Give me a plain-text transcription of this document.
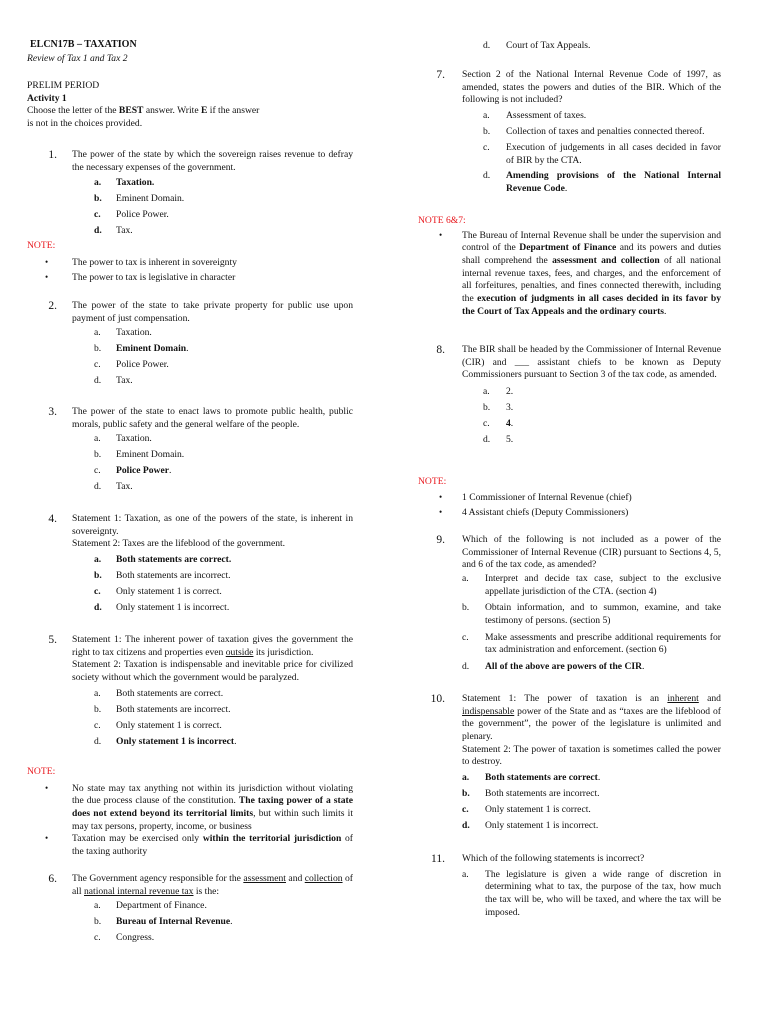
ELCN17B – TAXATION
Review of Tax 1 and Tax 2
PRELIM PERIOD
Activity 1
Choose the letter of the BEST answer. Write E if the answer is not in the choices provided.
1. The power of the state by which the sovereign raises revenue to defray the necessary expenses of the government.
a. Taxation.
b. Eminent Domain.
c. Police Power.
d. Tax.
NOTE:
• The power to tax is inherent in sovereignty
• The power to tax is legislative in character
2. The power of the state to take private property for public use upon payment of just compensation.
a. Taxation.
b. Eminent Domain.
c. Police Power.
d. Tax.
3. The power of the state to enact laws to promote public health, public morals, public safety and the general welfare of the people.
a. Taxation.
b. Eminent Domain.
c. Police Power.
d. Tax.
4. Statement 1: Taxation, as one of the powers of the state, is inherent in sovereignty.
Statement 2: Taxes are the lifeblood of the government.
a. Both statements are correct.
b. Both statements are incorrect.
c. Only statement 1 is correct.
d. Only statement 1 is incorrect.
5. Statement 1: The inherent power of taxation gives the government the right to tax citizens and properties even outside its jurisdiction.
Statement 2: Taxation is indispensable and inevitable price for civilized society without which the government would be paralyzed.
a. Both statements are correct.
b. Both statements are incorrect.
c. Only statement 1 is correct.
d. Only statement 1 is incorrect.
NOTE:
• No state may tax anything not within its jurisdiction without violating the due process clause of the constitution. The taxing power of a state does not extend beyond its territorial limits, but within such limits it may tax persons, property, income, or business
• Taxation may be exercised only within the territorial jurisdiction of the taxing authority
6. The Government agency responsible for the assessment and collection of all national internal revenue tax is the:
a. Department of Finance.
b. Bureau of Internal Revenue.
c. Congress.
d. Court of Tax Appeals.
7. Section 2 of the National Internal Revenue Code of 1997, as amended, states the powers and duties of the BIR. Which of the following is not included?
a. Assessment of taxes.
b. Collection of taxes and penalties connected thereof.
c. Execution of judgements in all cases decided in favor of BIR by the CTA.
d. Amending provisions of the National Internal Revenue Code.
NOTE 6&7:
• The Bureau of Internal Revenue shall be under the supervision and control of the Department of Finance and its powers and duties shall comprehend the assessment and collection of all national internal revenue taxes, fees, and charges, and the enforcement of all forfeitures, penalties, and fines connected therewith, including the execution of judgments in all cases decided in its favor by the Court of Tax Appeals and the ordinary courts.
8. The BIR shall be headed by the Commissioner of Internal Revenue (CIR) and ___ assistant chiefs to be known as Deputy Commissioners pursuant to Section 3 of the tax code, as amended.
a. 2.
b. 3.
c. 4.
d. 5.
NOTE:
• 1 Commissioner of Internal Revenue (chief)
• 4 Assistant chiefs (Deputy Commissioners)
9. Which of the following is not included as a power of the Commissioner of Internal Revenue (CIR) pursuant to Sections 4, 5, and 6 of the tax code, as amended?
a. Interpret and decide tax case, subject to the exclusive appellate jurisdiction of the CTA. (section 4)
b. Obtain information, and to summon, examine, and take testimony of persons. (section 5)
c. Make assessments and prescribe additional requirements for tax administration and enforcement. (section 6)
d. All of the above are powers of the CIR.
10. Statement 1: The power of taxation is an inherent and indispensable power of the State and as “taxes are the lifeblood of the government”, the power of the legislature is unlimited and plenary.
Statement 2: The power of taxation is sometimes called the power to destroy.
a. Both statements are correct.
b. Both statements are incorrect.
c. Only statement 1 is correct.
d. Only statement 1 is incorrect.
11. Which of the following statements is incorrect?
a. The legislature is given a wide range of discretion in determining what to tax, the purpose of the tax, how much the tax will be, who will be taxed, and where the tax will be imposed.
